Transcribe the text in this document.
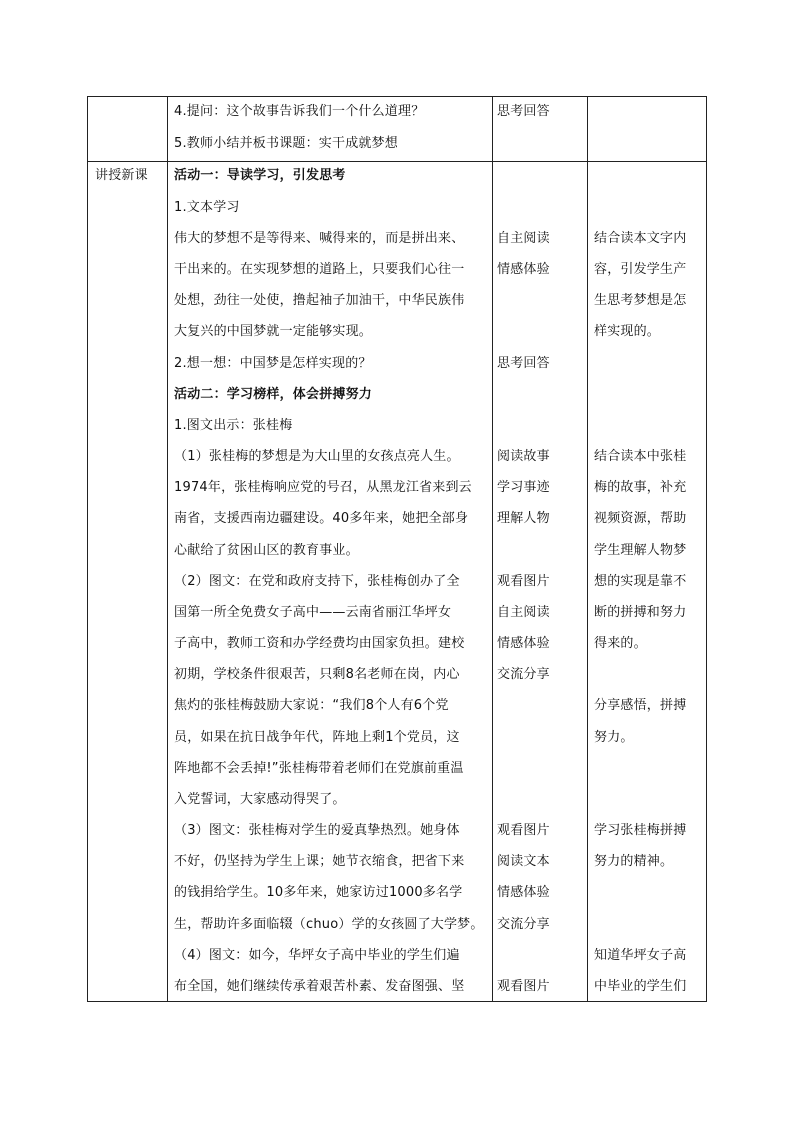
讲授新课
4.提问：这个故事告诉我们一个什么道理？
5.教师小结并板书课题：实干成就梦想
活动一：导读学习，引发思考
1.文本学习
伟大的梦想不是等得来、喊得来的，而是拼出来、
干出来的。在实现梦想的道路上，只要我们心往一
处想，劲往一处使，撸起袖子加油干，中华民族伟
大复兴的中国梦就一定能够实现。
2.想一想：中国梦是怎样实现的？
活动二：学习榜样，体会拼搏努力
1.图文出示：张桂梅
（1）张桂梅的梦想是为大山里的女孩点亮人生。
1974年，张桂梅响应党的号召，从黑龙江省来到云
南省，支援西南边疆建设。40多年来，她把全部身
心献给了贫困山区的教育事业。
（2）图文：在党和政府支持下，张桂梅创办了全
国第一所全免费女子高中——云南省丽江华坪女
子高中，教师工资和办学经费均由国家负担。建校
初期，学校条件很艰苦，只剩8名老师在岗，内心
焦灼的张桂梅鼓励大家说：“我们8个人有6个党
员，如果在抗日战争年代，阵地上剩1个党员，这
阵地都不会丢掉!”张桂梅带着老师们在党旗前重温
入党誓词，大家感动得哭了。
（3）图文：张桂梅对学生的爱真挚热烈。她身体
不好，仍坚持为学生上课；她节衣缩食，把省下来
的钱捐给学生。10多年来，她家访过1000多名学
生，帮助许多面临辍（chuo）学的女孩圆了大学梦。
（4）图文：如今，华坪女子高中毕业的学生们遍
布全国，她们继续传承着艰苦朴素、发奋图强、坚
思考回答
自主阅读
情感体验
思考回答
阅读故事
学习事迹
理解人物
观看图片
自主阅读
情感体验
交流分享
观看图片
阅读文本
情感体验
交流分享
观看图片
结合读本文字内
容，引发学生产
生思考梦想是怎
样实现的。
结合读本中张桂
梅的故事，补充
视频资源，帮助
学生理解人物梦
想的实现是靠不
断的拼搏和努力
得来的。
分享感悟，拼搏
努力。
学习张桂梅拼搏
努力的精神。
知道华坪女子高
中毕业的学生们
